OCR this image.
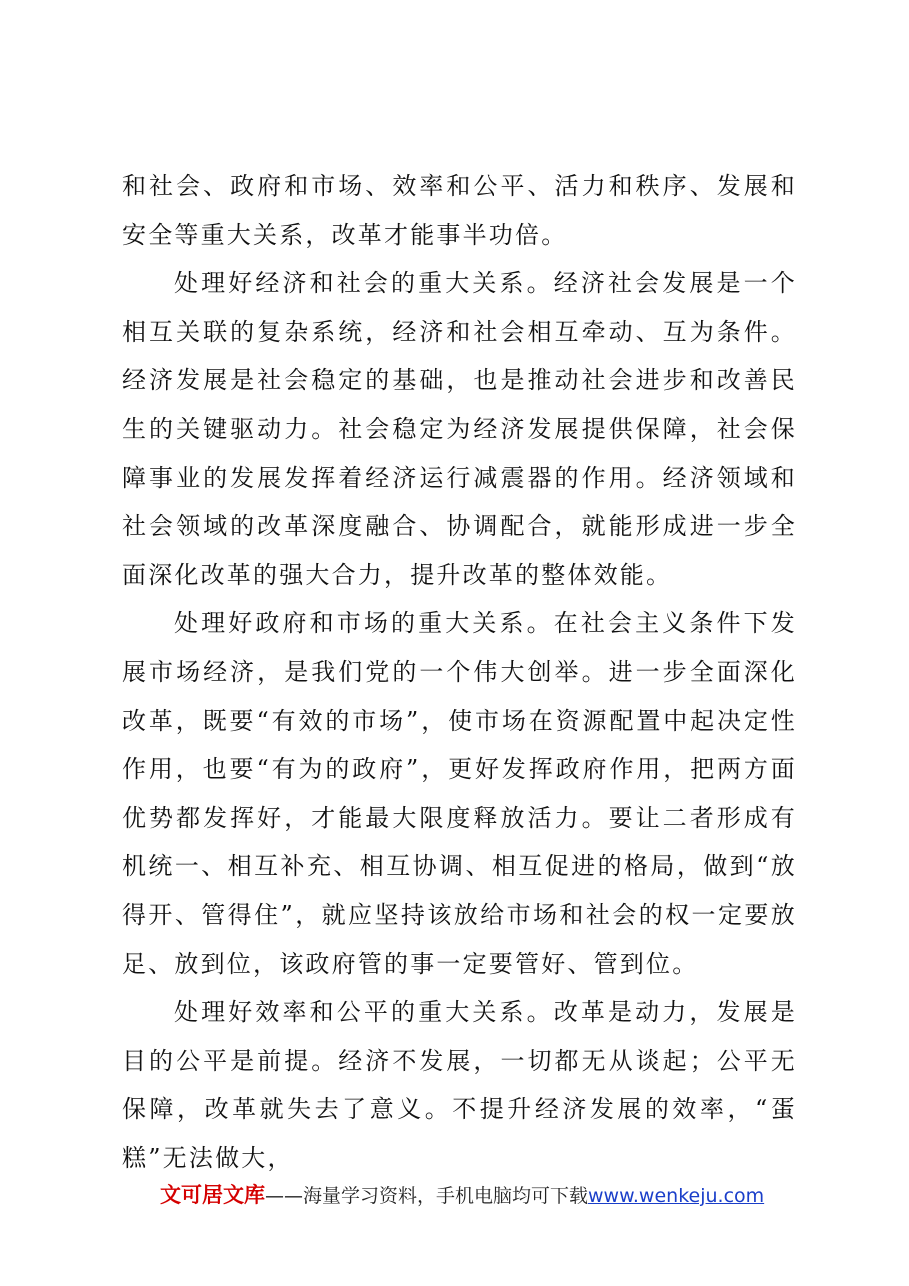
和社会、政府和市场、效率和公平、活力和秩序、发展和安全等重大关系，改革才能事半功倍。

处理好经济和社会的重大关系。经济社会发展是一个相互关联的复杂系统，经济和社会相互牵动、互为条件。经济发展是社会稳定的基础，也是推动社会进步和改善民生的关键驱动力。社会稳定为经济发展提供保障，社会保障事业的发展发挥着经济运行减震器的作用。经济领域和社会领域的改革深度融合、协调配合，就能形成进一步全面深化改革的强大合力，提升改革的整体效能。

处理好政府和市场的重大关系。在社会主义条件下发展市场经济，是我们党的一个伟大创举。进一步全面深化改革，既要“有效的市场”，使市场在资源配置中起决定性作用，也要“有为的政府”，更好发挥政府作用，把两方面优势都发挥好，才能最大限度释放活力。要让二者形成有机统一、相互补充、相互协调、相互促进的格局，做到“放得开、管得住”，就应坚持该放给市场和社会的权一定要放足、放到位，该政府管的事一定要管好、管到位。

处理好效率和公平的重大关系。改革是动力，发展是目的公平是前提。经济不发展，一切都无从谈起；公平无保障，改革就失去了意义。不提升经济发展的效率，“蛋糕”无法做大，

文可居文库——海量学习资料，手机电脑均可下载www.wenkeju.com
